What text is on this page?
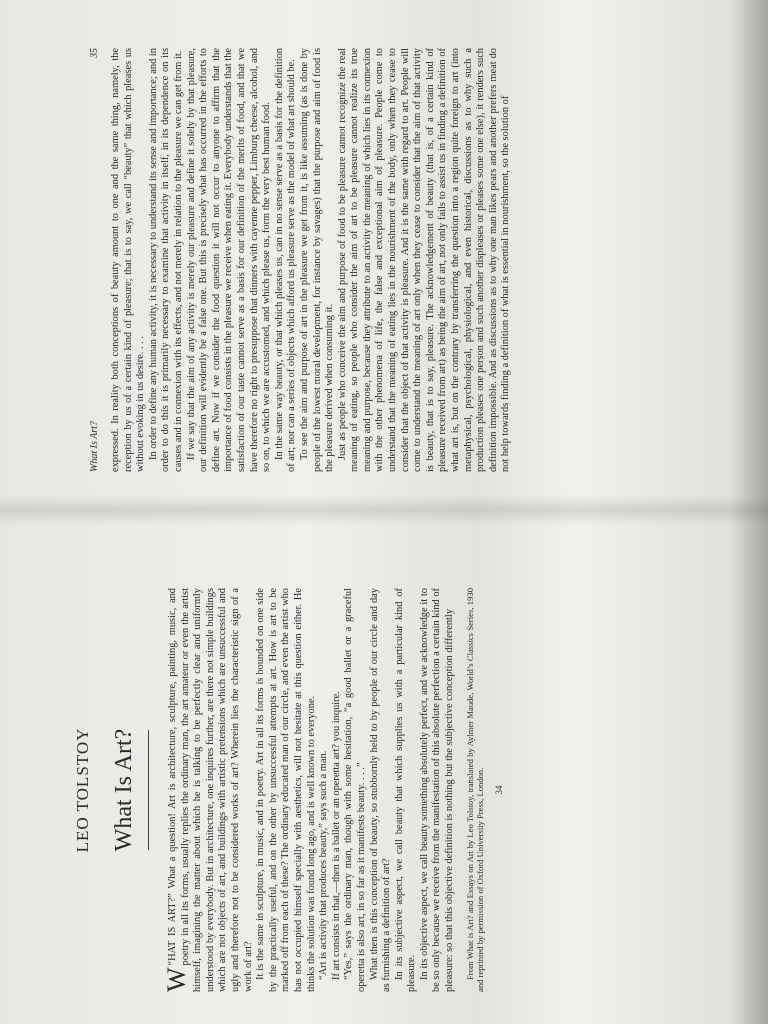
LEO TOLSTOY What Is Art?

“
W
HAT IS ART?” What a question! Art is architecture, sculpture, painting, music, and poetry in all its forms, usually replies the ordinary man, the art amateur or even the artist himself, imagining the matter about which he is talking to be perfectly clear and uniformly understood by everybody. But in architecture, one inquires further, are there not simple buildings which are not objects of art, and buildings with artistic pretensions which are unsuccessful and ugly and therefore not to be considered works of art? Wherein lies the characteristic sign of a work of art? It is the same in sculpture, in music, and in poetry. Art in all its forms is bounded on one side by the practically useful, and on the other by unsuccessful attempts at art. How is art to be marked off from each of these? The ordinary educated man of our circle, and even the artist who has not occupied himself specially with aesthetics, will not hesitate at this question either. He thinks the solution was found long ago, and is well known to everyone. “Art is activity that produces beauty,” says such a man. If art consists in that,—then is a ballet or an operetta art? you inquire. “Yes,” says the ordinary man, though with some hesitation, “a good ballet or a graceful operetta is also art, in so far as it manifests beauty. . . .” What then is this conception of beauty, so stubbornly held to by people of our circle and day as furnishing a definition of art? In its subjective aspect, we call beauty that which supplies us with a particular kind of pleasure. In its objective aspect, we call beauty something absolutely perfect, and we acknowledge it to be so only because we receive from the manifestation of this absolute perfection a certain kind of pleasure: so that this objective definition is nothing but the subjective conception differently From What is Art? and Essays on Art by Leo Tolstoy, translated by Aylmer Maude, World’s Classics Series, 1930 and reprinted by permission of Oxford University Press, London. 34
What Is Art?
35 expressed. In reality both conceptions of beauty amount to one and the same thing, namely, the reception by us of a certain kind of pleasure; that is to say, we call “beauty” that which pleases us without evoking in us desire. . . . In order to define any human activity, it is necessary to understand its sense and importance; and in order to do this it is primarily necessary to examine that activity in itself, in its dependence on its causes and in connexion with its effects, and not merely in relation to the pleasure we can get from it. If we say that the aim of any activity is merely our pleasure and define it solely by that pleasure, our definition will evidently be a false one. But this is precisely what has occurred in the efforts to define art. Now if we consider the food question it will not occur to anyone to affirm that the importance of food consists in the pleasure we receive when eating it. Everybody understands that the satisfaction of our taste cannot serve as a basis for our definition of the merits of food, and that we have therefore no right to presuppose that dinners with cayenne pepper, Limburg cheese, alcohol, and so on, to which we are accustomed, and which please us, form the very best human food. In the same way beauty, or that which pleases us, can in no sense serve as a basis for the definition of art; nor can a series of objects which afford us pleasure serve as the model of what art should be. To see the aim and purpose of art in the pleasure we get from it, is like assuming (as is done by people of the lowest moral development, for instance by savages) that the purpose and aim of food is the pleasure derived when consuming it. Just as people who conceive the aim and purpose of food to be pleasure cannot recognize the real meaning of eating, so people who consider the aim of art to be pleasure cannot realize its true meaning and purpose, because they attribute to an activity the meaning of which lies in its connexion with the other phenomena of life, the false and exceptional aim of pleasure. People come to understand that the meaning of eating lies in the nourishment of the body, only when they cease to consider that the object of that activity is pleasure. And it is the same with regard to art. People will come to understand the meaning of art only when they cease to consider that the aim of that activity is beauty, that is to say, pleasure. The acknowledgement of beauty (that is, of a certain kind of pleasure received from art) as being the aim of art, not only fails to assist us in finding a definition of what art is, but on the contrary by transferring the question into a region quite foreign to art (into metaphysical, psychological, physiological, and even historical, discussions as to why such a production pleases one person and such another displeases or pleases some one else), it renders such definition impossible. And as discussions as to why one man likes pears and another prefers meat do not help towards finding a definition of what is essential in nourishment, so the solution of
